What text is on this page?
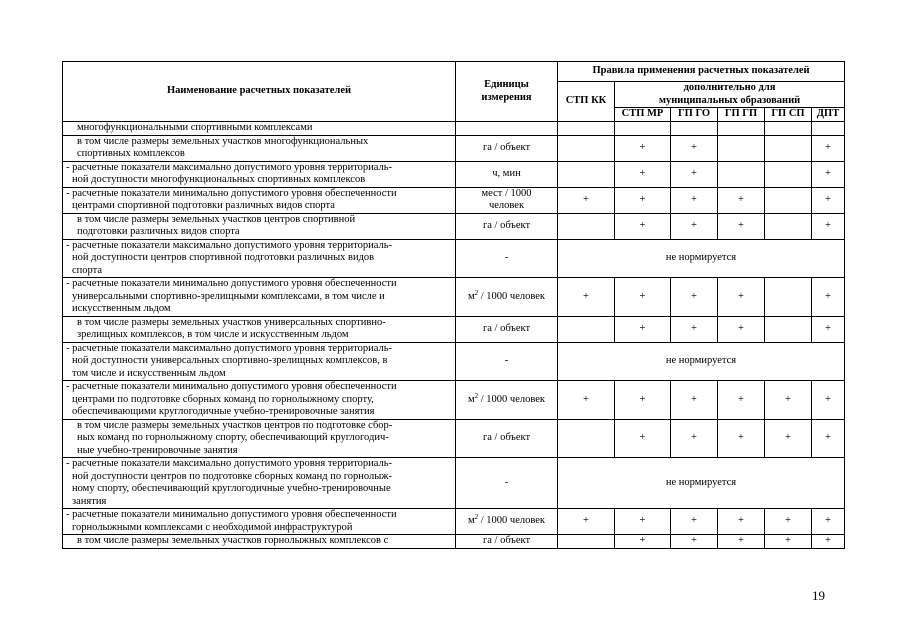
Наименование расчетных показателей	Единицы
измерения	Правила применения расчетных показателей					
		СТП КК	дополнительно для
муниципальных образований				
			СТП МР	ГП ГО	ГП ГП	ГП СП	ДПТ
многофункциональными спортивными комплексами							
в том числе размеры земельных участков многофункциональных
спортивных комплексов	га / объект		+	+			+
- расчетные показатели максимально допустимого уровня территориаль-
ной доступности многофункциональных спортивных комплексов	ч, мин		+	+			+
- расчетные показатели минимально допустимого уровня обеспеченности
центрами спортивной подготовки различных видов спорта	мест / 1000
человек	+	+	+	+		+
в том числе размеры земельных участков центров спортивной
подготовки различных видов спорта	га / объект		+	+	+		+
- расчетные показатели максимально допустимого уровня территориаль-
ной доступности центров спортивной подготовки различных видов
спорта	-	не нормируется					
- расчетные показатели минимально допустимого уровня обеспеченности
универсальными спортивно-зрелищными комплексами, в том числе и
искусственным льдом	$м^2 / 1000$ человек	+	+	+	+		+
в том числе размеры земельных участков универсальных спортивно-
зрелищных комплексов, в том числе и искусственным льдом	га / объект		+	+	+		+
- расчетные показатели максимально допустимого уровня территориаль-
ной доступности универсальных спортивно-зрелищных комплексов, в
том числе и искусственным льдом	-	не нормируется					
- расчетные показатели минимально допустимого уровня обеспеченности
центрами по подготовке сборных команд по горнолыжному спорту,
обеспечивающими круглогодичные учебно-тренировочные занятия	$м^2 / 1000$ человек	+	+	+	+	+	+
в том числе размеры земельных участков центров по подготовке сбор-
ных команд по горнолыжному спорту, обеспечивающий круглогодич-
ные учебно-тренировочные занятия	га / объект		+	+	+	+	+
- расчетные показатели максимально допустимого уровня территориаль-
ной доступности центров по подготовке сборных команд по горнолыж-
ному спорту, обеспечивающий круглогодичные учебно-тренировочные
занятия	-	не нормируется					
- расчетные показатели минимально допустимого уровня обеспеченности
горнолыжными комплексами с необходимой инфраструктурой	$м^2 / 1000$ человек	+	+	+	+	+	+
в том числе размеры земельных участков горнолыжных комплексов с	га / объект		+	+	+	+	+
19
